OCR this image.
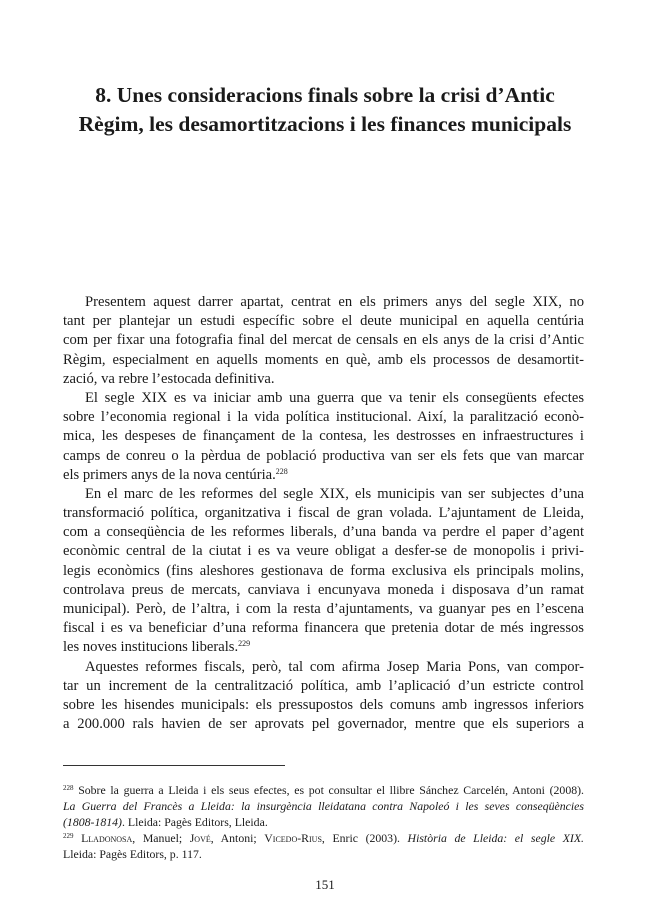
8. Unes consideracions finals sobre la crisi d’Antic
Règim, les desamortitzacions i les finances municipals
Presentem aquest darrer apartat, centrat en els primers anys del segle XIX, no
tant per plantejar un estudi específic sobre el deute municipal en aquella centúria
com per fixar una fotografia final del mercat de censals en els anys de la crisi d’Antic
Règim, especialment en aquells moments en què, amb els processos de desamortit-
zació, va rebre l’estocada definitiva.
El segle XIX es va iniciar amb una guerra que va tenir els consegüents efectes
sobre l’economia regional i la vida política institucional. Així, la paralització econò-
mica, les despeses de finançament de la contesa, les destrosses en infraestructures i
camps de conreu o la pèrdua de població productiva van ser els fets que van marcar
els primers anys de la nova centúria.$^{228}$
En el marc de les reformes del segle XIX, els municipis van ser subjectes d’una
transformació política, organitzativa i fiscal de gran volada. L’ajuntament de Lleida,
com a conseqüència de les reformes liberals, d’una banda va perdre el paper d’agent
econòmic central de la ciutat i es va veure obligat a desfer-se de monopolis i privi-
legis econòmics (fins aleshores gestionava de forma exclusiva els principals molins,
controlava preus de mercats, canviava i encunyava moneda i disposava d’un ramat
municipal). Però, de l’altra, i com la resta d’ajuntaments, va guanyar pes en l’escena
fiscal i es va beneficiar d’una reforma financera que pretenia dotar de més ingressos
les noves institucions liberals.$^{229}$
Aquestes reformes fiscals, però, tal com afirma Josep Maria Pons, van compor-
tar un increment de la centralització política, amb l’aplicació d’un estricte control
sobre les hisendes municipals: els pressupostos dels comuns amb ingressos inferiors
a 200.000 rals havien de ser aprovats pel governador, mentre que els superiors a
$^{228}$ Sobre la guerra a Lleida i els seus efectes, es pot consultar el llibre Sánchez Carcelén, Antoni (2008).
La Guerra del Francès a Lleida: la insurgència lleidatana contra Napoleó i les seves conseqüències
(1808-1814). Lleida: Pagès Editors, Lleida.
$^{229}$ Lladonosa, Manuel; Jové, Antoni; Vicedo-Rius, Enric (2003). Història de Lleida: el segle XIX.
Lleida: Pagès Editors, p. 117.
151
